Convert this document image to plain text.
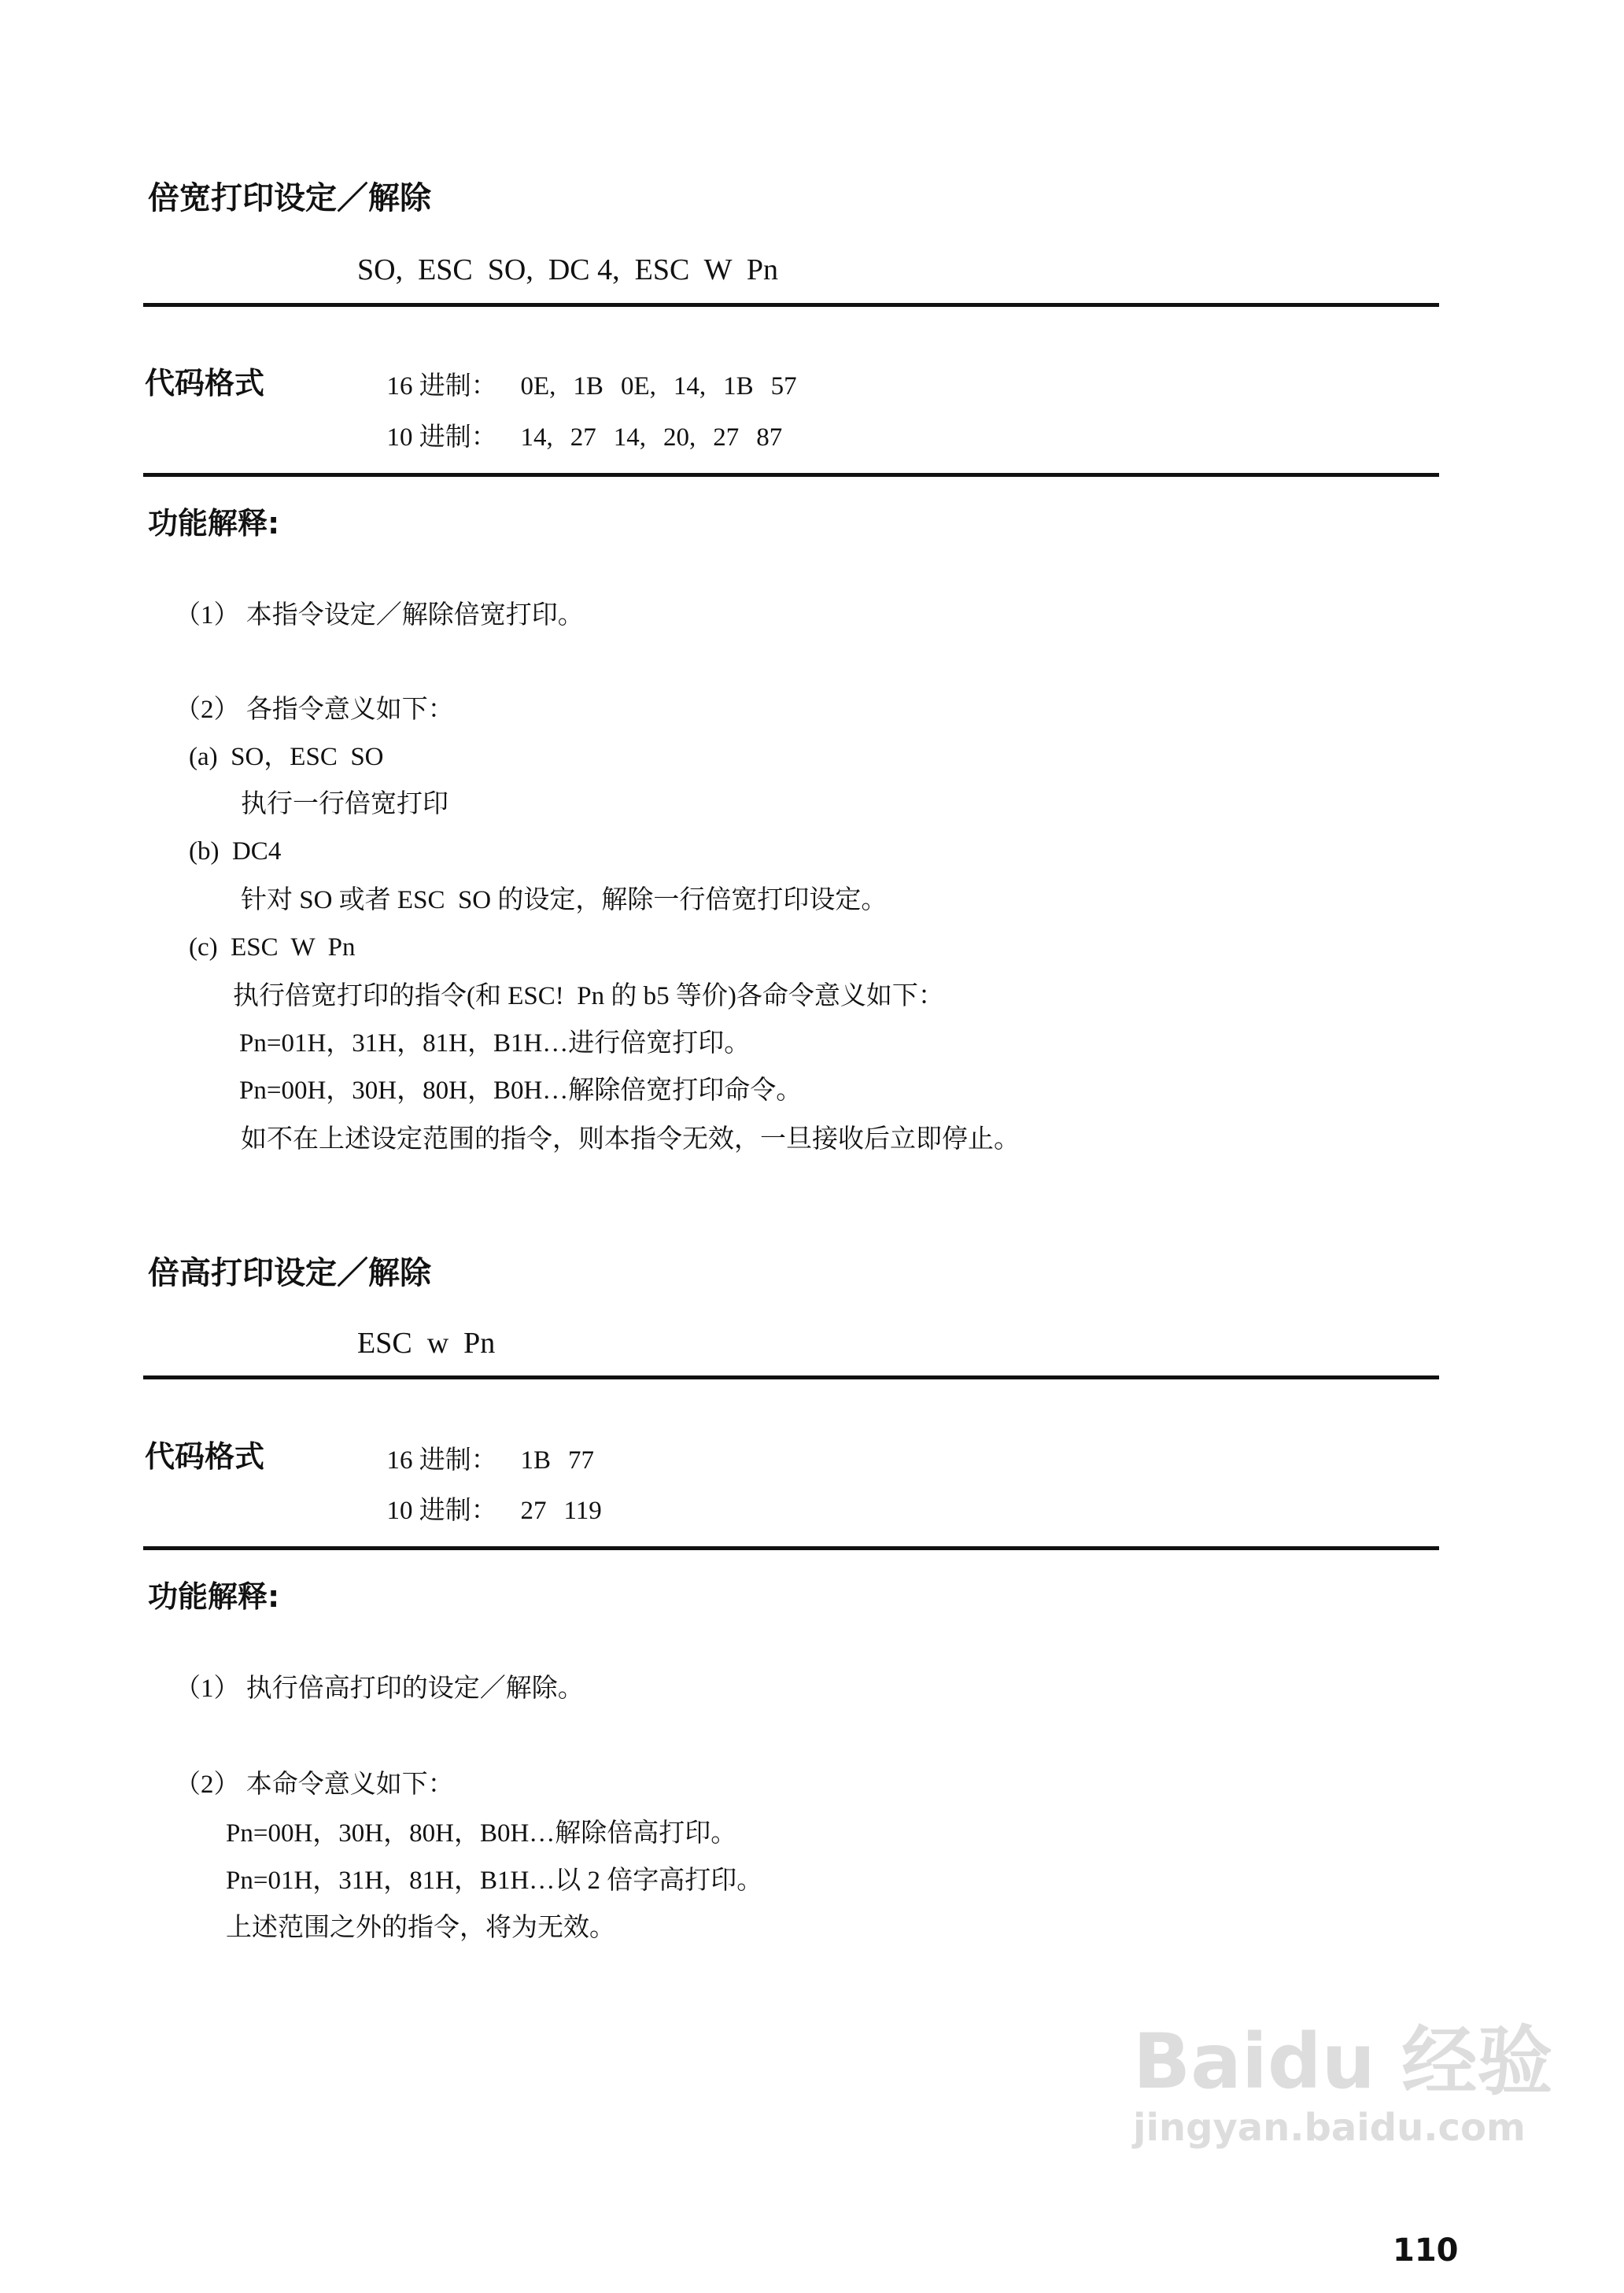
倍宽打印设定／解除
SO,  ESC  SO,  DC 4,  ESC  W  Pn
代码格式	16 进制： 0E, 1B 0E, 14, 1B 57

10 进制： 14, 27 14, 20, 27 87

功能解释:
（1） 本指令设定／解除倍宽打印。
（2） 各指令意义如下：
(a)  SO，ESC  SO
执行一行倍宽打印
(b)  DC4
针对 SO 或者 ESC  SO 的设定，解除一行倍宽打印设定。
(c)  ESC  W  Pn
执行倍宽打印的指令(和 ESC!  Pn 的 b5 等价)各命令意义如下：
Pn=01H，31H，81H，B1H…进行倍宽打印。
Pn=00H，30H，80H，B0H…解除倍宽打印命令。
如不在上述设定范围的指令，则本指令无效，一旦接收后立即停止。
倍高打印设定／解除
ESC  w  Pn
代码格式	16 进制： 1B 77

10 进制： 27 119

功能解释:
（1） 执行倍高打印的设定／解除。
（2） 本命令意义如下：
Pn=00H，30H，80H，B0H…解除倍高打印。
Pn=01H，31H，81H，B1H…以 2 倍字高打印。
上述范围之外的指令，将为无效。
Baidu 经验
jingyan.baidu.com
110
